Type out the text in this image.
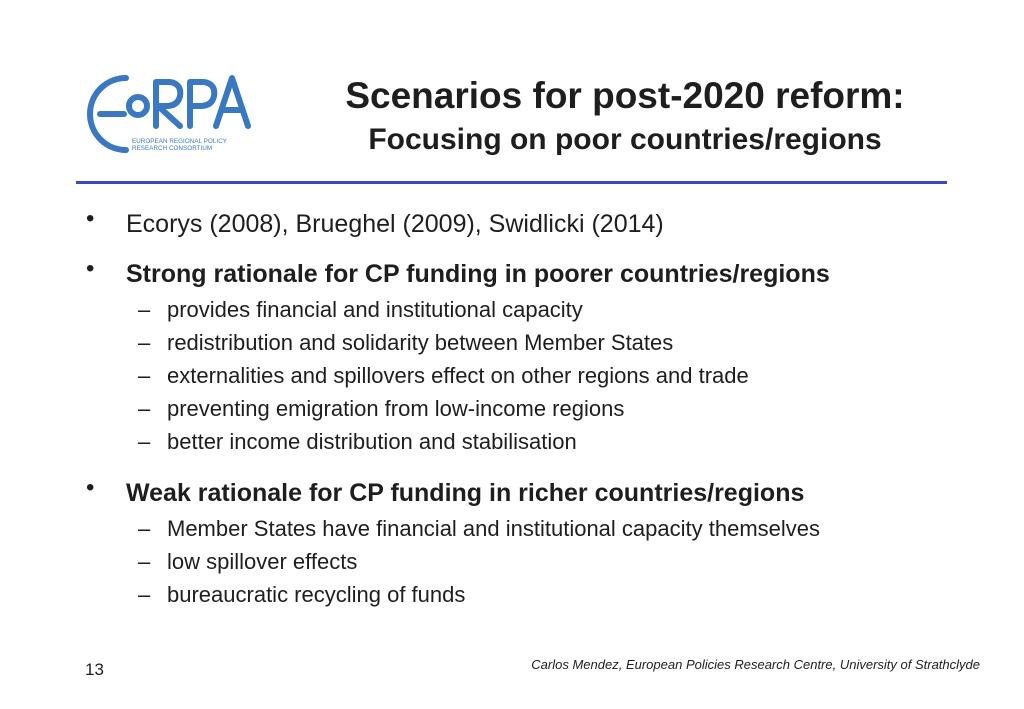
EUROPEAN REGIONAL POLICY
RESEARCH CONSORTIUM
Scenarios for post-2020 reform:
Focusing on poor countries/regions
• Ecorys (2008), Brueghel (2009), Swidlicki (2014)
• Strong rationale for CP funding in poorer countries/regions
– provides financial and institutional capacity
– redistribution and solidarity between Member States
– externalities and spillovers effect on other regions and trade
– preventing emigration from low-income regions
– better income distribution and stabilisation
• Weak rationale for CP funding in richer countries/regions
– Member States have financial and institutional capacity themselves
– low spillover effects
– bureaucratic recycling of funds
13	Carlos Mendez, European Policies Research Centre, University of Strathclyde
